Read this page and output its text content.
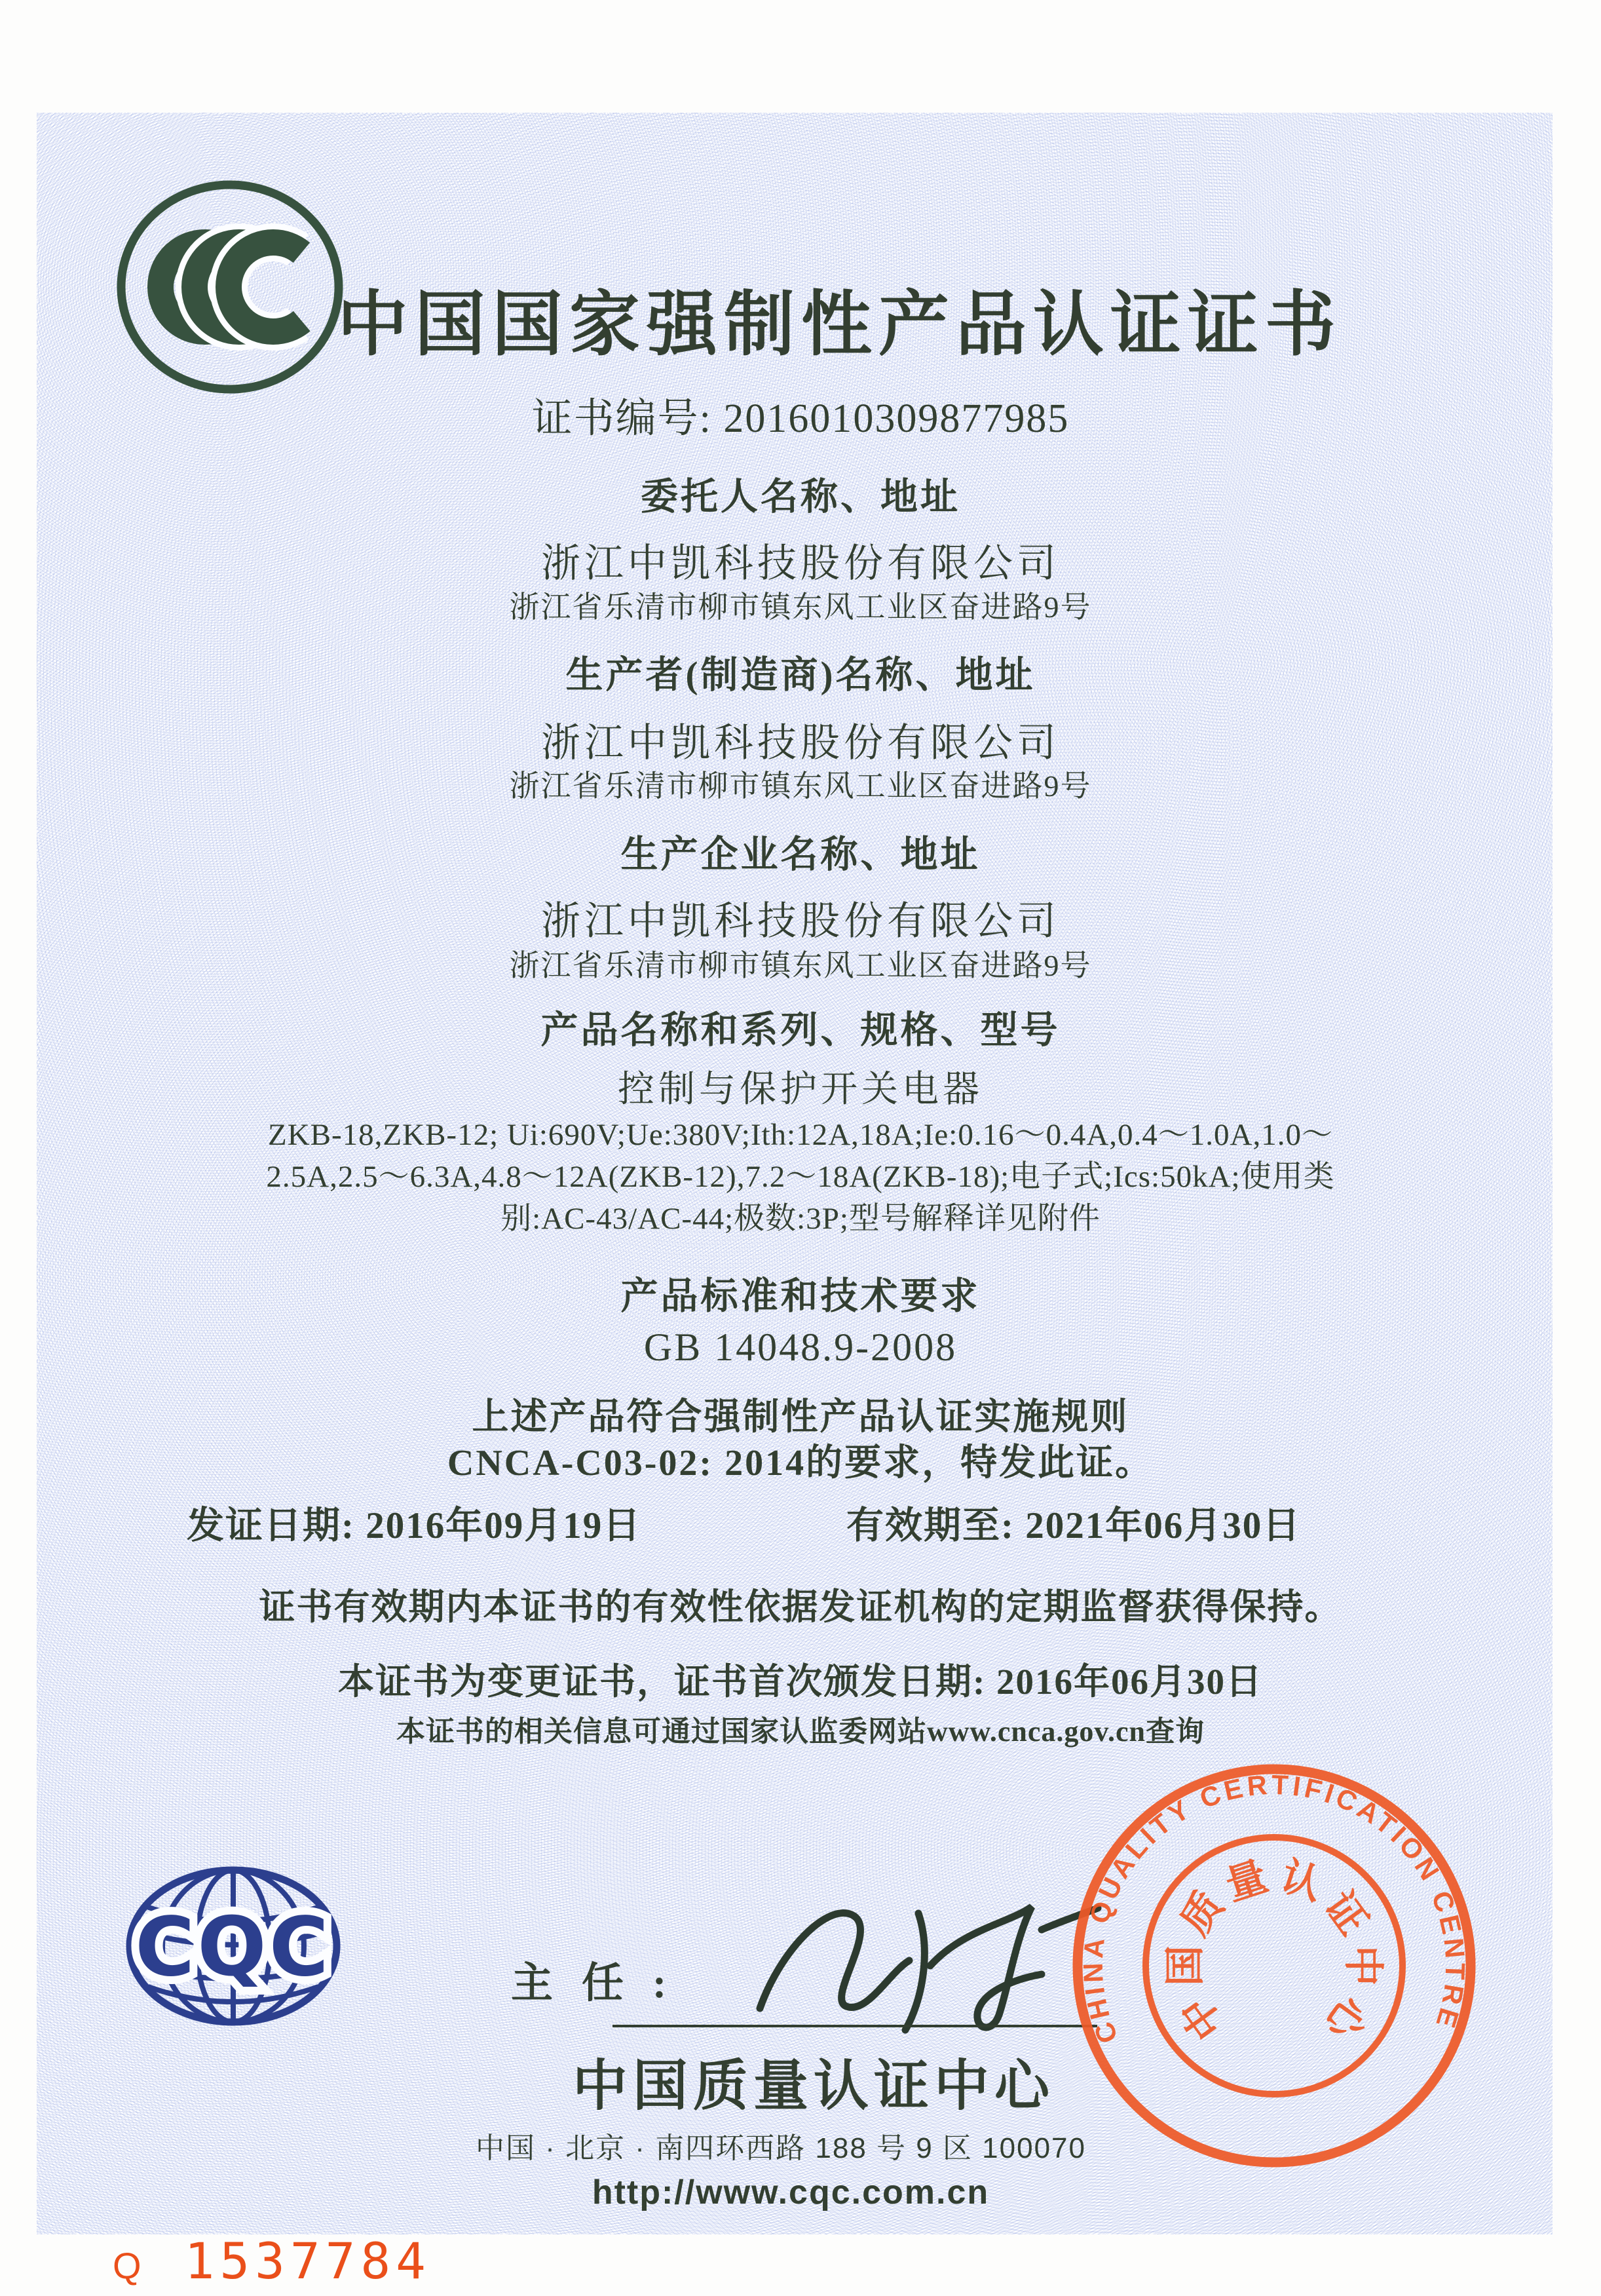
中国国家强制性产品认证证书
证书编号: 2016010309877985
委托人名称、地址
浙江中凯科技股份有限公司
浙江省乐清市柳市镇东风工业区奋进路9号
生产者(制造商)名称、地址
浙江中凯科技股份有限公司
浙江省乐清市柳市镇东风工业区奋进路9号
生产企业名称、地址
浙江中凯科技股份有限公司
浙江省乐清市柳市镇东风工业区奋进路9号
产品名称和系列、规格、型号
控制与保护开关电器
ZKB-18,ZKB-12; Ui:690V;Ue:380V;Ith:12A,18A;Ie:0.16～0.4A,0.4～1.0A,1.0～
2.5A,2.5～6.3A,4.8～12A(ZKB-12),7.2～18A(ZKB-18);电子式;Ics:50kA;使用类
别:AC-43/AC-44;极数:3P;型号解释详见附件
产品标准和技术要求
GB 14048.9-2008
上述产品符合强制性产品认证实施规则
CNCA-C03-02: 2014的要求，特发此证。
发证日期: 2016年09月19日	有效期至: 2021年06月30日
证书有效期内本证书的有效性依据发证机构的定期监督获得保持。
本证书为变更证书，证书首次颁发日期: 2016年06月30日
本证书的相关信息可通过国家认监委网站www.cnca.gov.cn查询
CQC	主 任 :
中国质量认证中心
中国 · 北京 · 南四环西路 188 号 9 区 100070
http://www.cqc.com.cn
CHINA QUALITY CERTIFICATION CENTRE
中
国
质
量 认
证
中
心
Q 1537784
